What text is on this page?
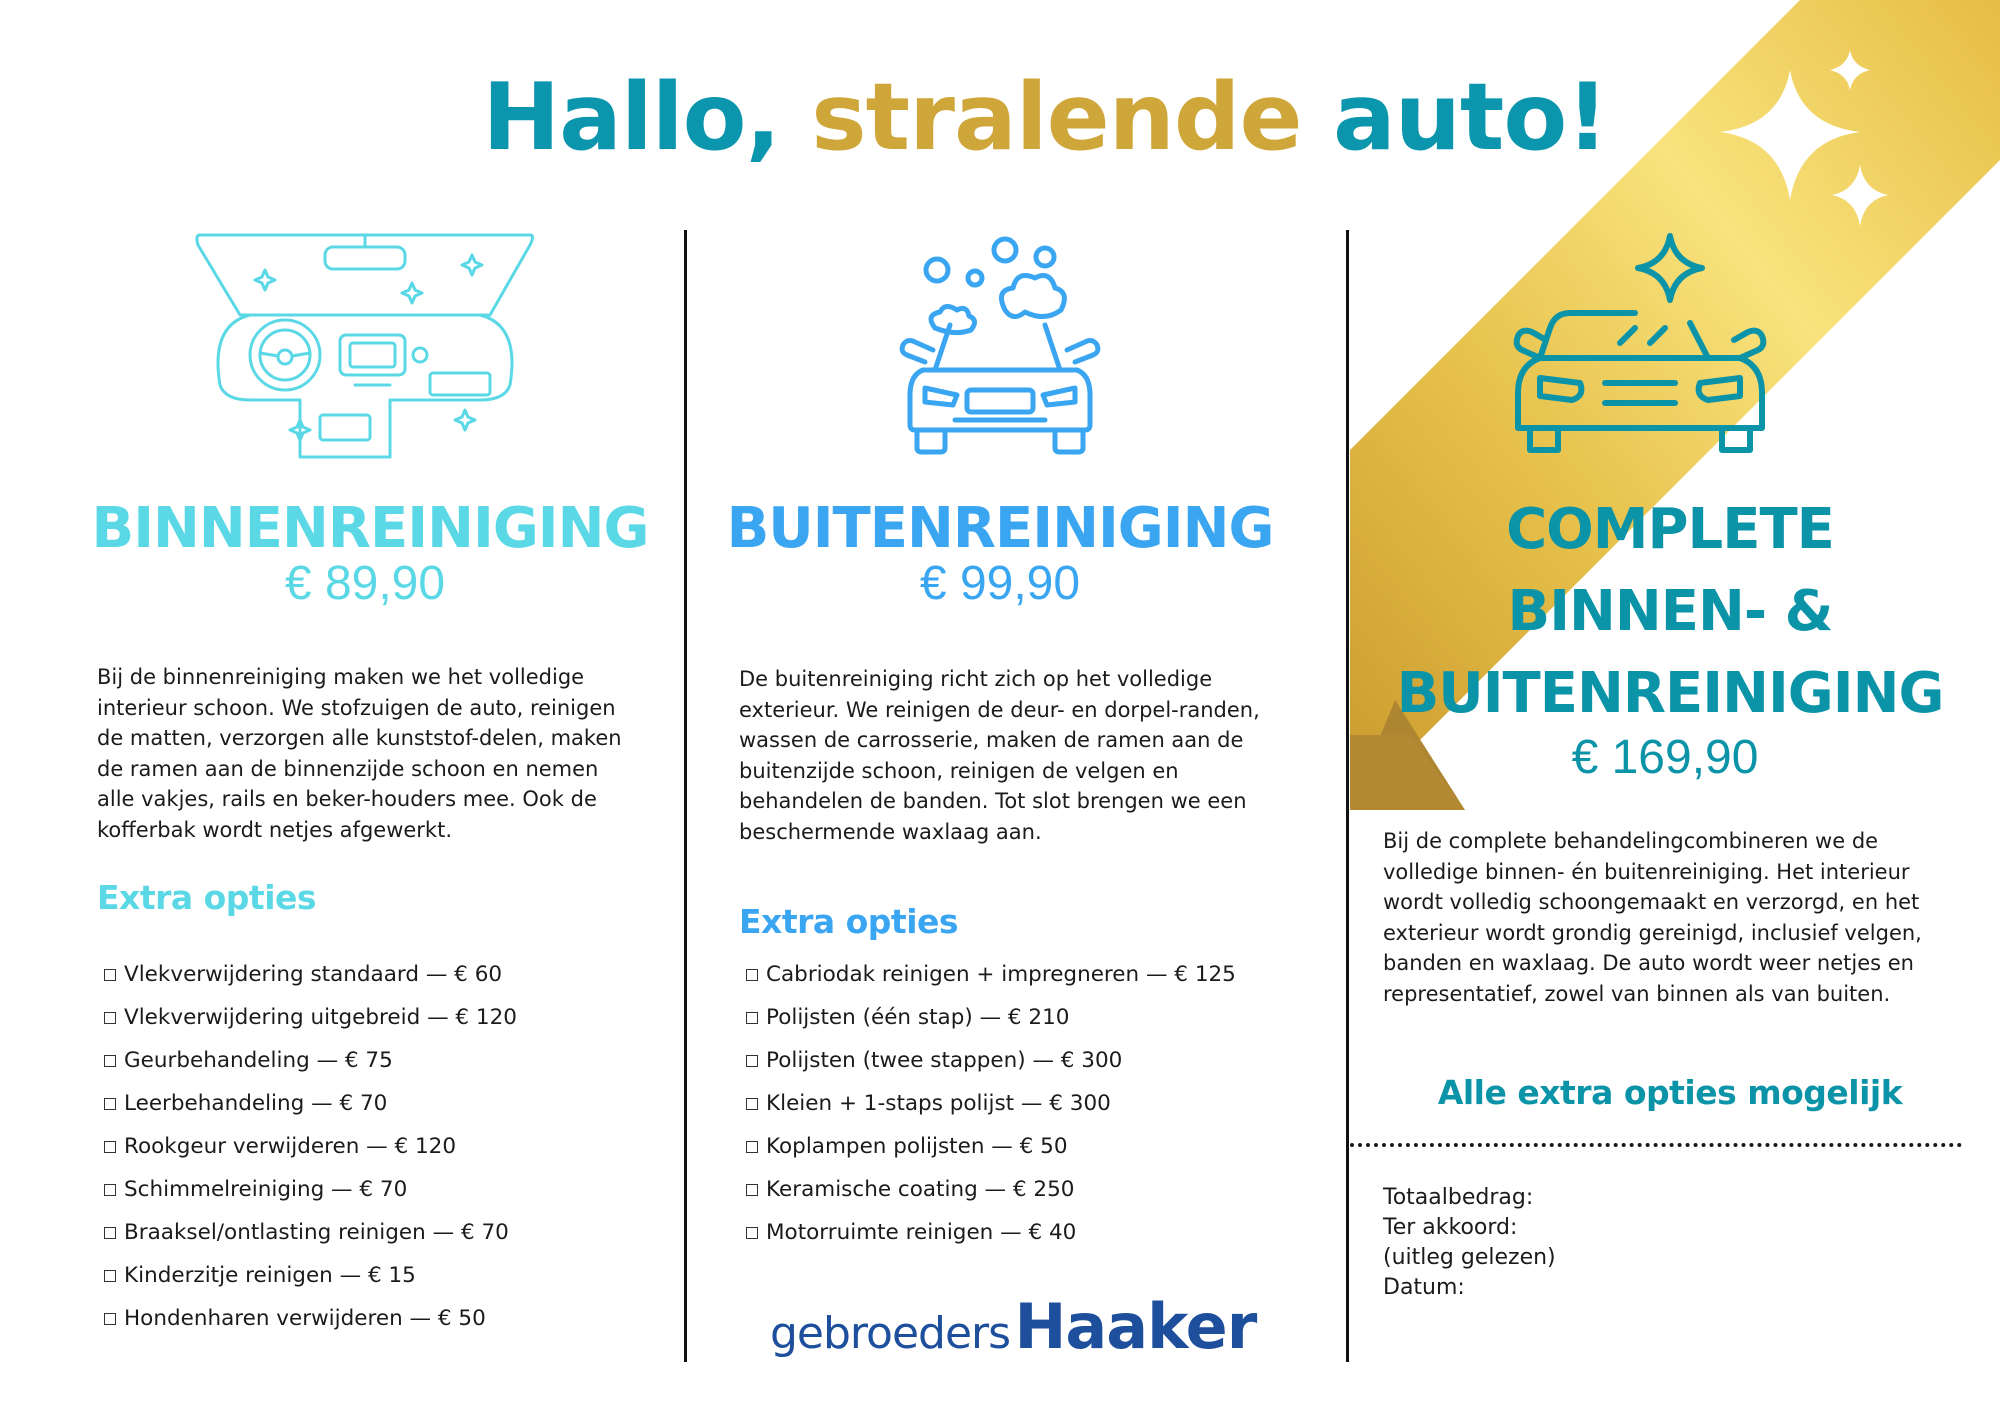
Hallo, stralende auto!
BINNENREINIGING
€ 89,90
Bij de binnenreiniging maken we het volledige interieur schoon. We stofzuigen de auto, reinigen de matten, verzorgen alle kunststof-delen, maken de ramen aan de binnenzijde schoon en nemen alle vakjes, rails en beker-houders mee. Ook de kofferbak wordt netjes afgewerkt.
Extra opties
Vlekverwijdering standaard — € 60
Vlekverwijdering uitgebreid — € 120
Geurbehandeling — € 75
Leerbehandeling — € 70
Rookgeur verwijderen — € 120
Schimmelreiniging — € 70
Braaksel/ontlasting reinigen — € 70
Kinderzitje reinigen — € 15
Hondenharen verwijderen — € 50
BUITENREINIGING
€ 99,90
De buitenreiniging richt zich op het volledige exterieur. We reinigen de deur- en dorpel-randen, wassen de carrosserie, maken de ramen aan de buitenzijde schoon, reinigen de velgen en behandelen de banden. Tot slot brengen we een beschermende waxlaag aan.
Extra opties
Cabriodak reinigen + impregneren — € 125
Polijsten (één stap) — € 210
Polijsten (twee stappen) — € 300
Kleien + 1-staps polijst — € 300
Koplampen polijsten — € 50
Keramische coating — € 250
Motorruimte reinigen — € 40
gebroeders Haaker
COMPLETE
BINNEN- &
BUITENREINIGING
€ 169,90
Bij de complete behandelingcombineren we de volledige binnen- én buitenreiniging. Het interieur wordt volledig schoongemaakt en verzorgd, en het exterieur wordt grondig gereinigd, inclusief velgen, banden en waxlaag. De auto wordt weer netjes en representatief, zowel van binnen als van buiten.
Alle extra opties mogelijk
Totaalbedrag:
Ter akkoord:
(uitleg gelezen)
Datum:
